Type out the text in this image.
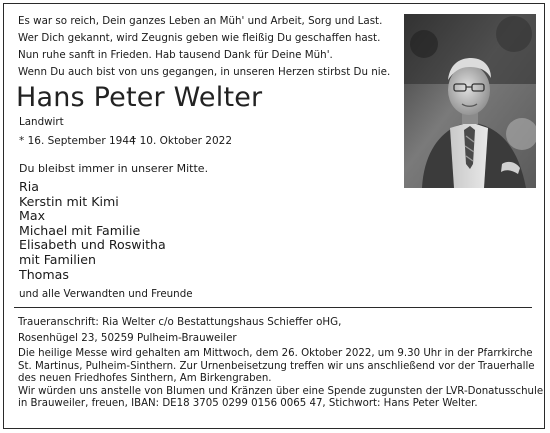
Es war so reich, Dein ganzes Leben an Müh' und Arbeit, Sorg und Last.
Wer Dich gekannt, wird Zeugnis geben wie fleißig Du geschaffen hast.
Nun ruhe sanft in Frieden. Hab tausend Dank für Deine Müh'.
Wenn Du auch bist von uns gegangen, in unseren Herzen stirbst Du nie.
Hans Peter Welter
Landwirt
* 16. September 1944
† 10. Oktober 2022
Du bleibst immer in unserer Mitte.
Ria
Kerstin mit Kimi
Max
Michael mit Familie
Elisabeth und Roswitha
mit Familien
Thomas
und alle Verwandten und Freunde
Traueranschrift: Ria Welter c/o Bestattungshaus Schieffer oHG,
Rosenhügel 23, 50259 Pulheim-Brauweiler
Die heilige Messe wird gehalten am Mittwoch, dem 26. Oktober 2022, um 9.30 Uhr in der Pfarrkirche
St. Martinus, Pulheim-Sinthern. Zur Urnenbeisetzung treffen wir uns anschließend vor der Trauerhalle
des neuen Friedhofes Sinthern, Am Birkengraben.
Wir würden uns anstelle von Blumen und Kränzen über eine Spende zugunsten der LVR-Donatusschule
in Brauweiler, freuen, IBAN: DE18 3705 0299 0156 0065 47, Stichwort: Hans Peter Welter.
